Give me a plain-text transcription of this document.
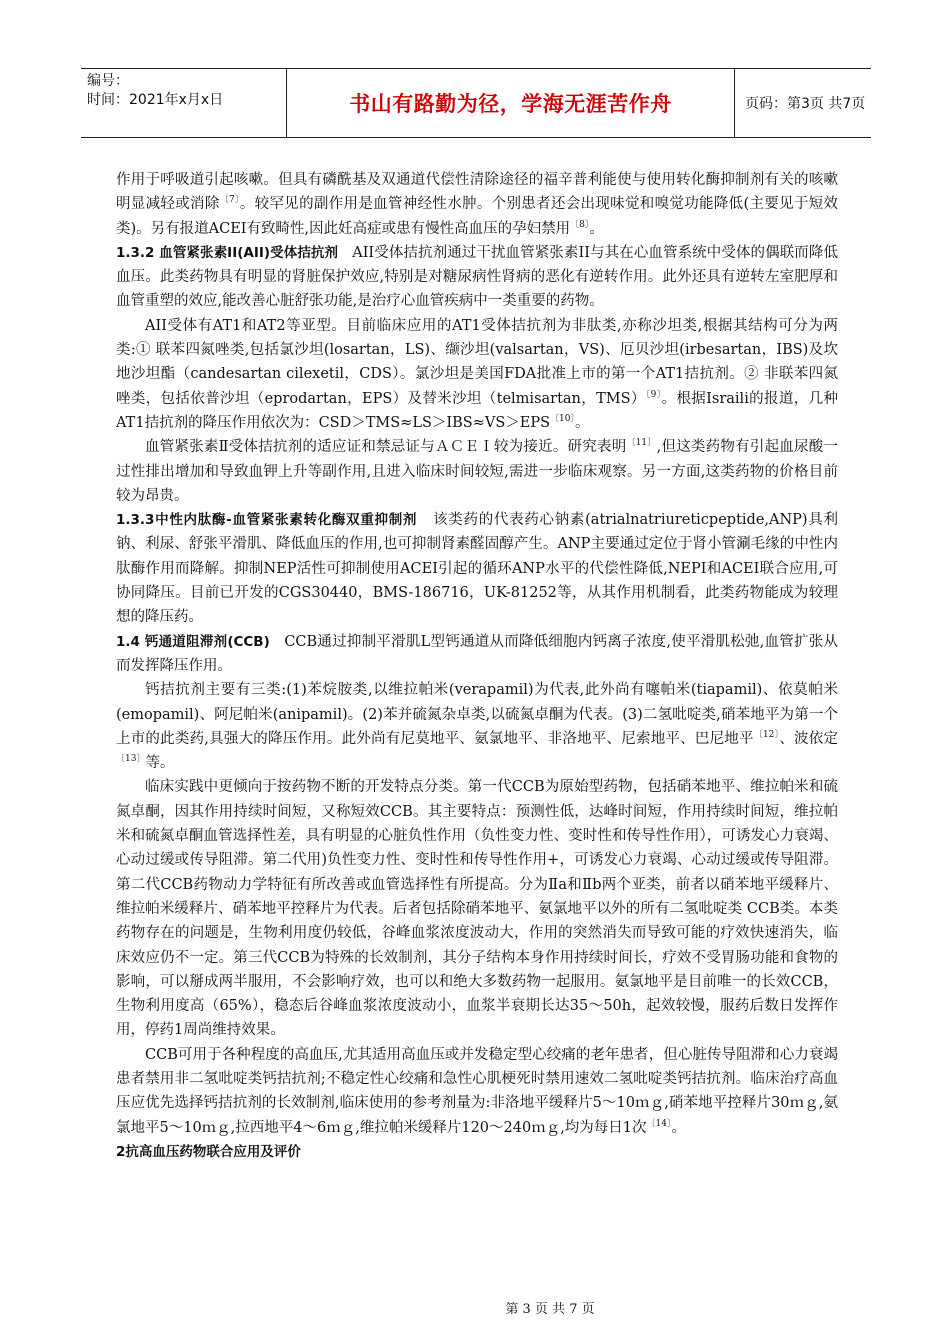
编号：
时间：2021年x月x日	书山有路勤为径，学海无涯苦作舟	页码：第3页 共7页

作用于呼吸道引起咳嗽。但具有磷酰基及双通道代偿性清除途径的福辛普利能使与使用转化酶抑制剂有关的咳嗽明显减轻或消除$^{〔7〕}$。较罕见的副作用是血管神经性水肿。个别患者还会出现味觉和嗅觉功能降低(主要见于短效类)。另有报道ACEI有致畸性,因此妊高症或患有慢性高血压的孕妇禁用$^{〔8〕}$。

1.3.2 血管紧张素II(AII)受体拮抗剂 AII受体拮抗剂通过干扰血管紧张素II与其在心血管系统中受体的偶联而降低血压。此类药物具有明显的肾脏保护效应,特别是对糖尿病性肾病的恶化有逆转作用。此外还具有逆转左室肥厚和血管重塑的效应,能改善心脏舒张功能,是治疗心血管疾病中一类重要的药物。

AII受体有AT1和AT2等亚型。目前临床应用的AT1受体拮抗剂为非肽类,亦称沙坦类,根据其结构可分为两类:① 联苯四氮唑类,包括氯沙坦(losartan，LS)、缬沙坦(valsartan，VS)、厄贝沙坦(irbesartan，IBS)及坎地沙坦酯（candesartan cilexetil，CDS）。氯沙坦是美国FDA批准上市的第一个AT1拮抗剂。② 非联苯四氮唑类，包括依普沙坦（eprodartan，EPS）及替米沙坦（telmisartan，TMS）$^{〔9〕}$。根据Israili的报道，几种AT1拮抗剂的降压作用依次为：CSD＞TMS≈LS＞IBS≈VS＞EPS$^{〔10〕}$。

血管紧张素Ⅱ受体拮抗剂的适应证和禁忌证与ＡＣＥＩ较为接近。研究表明$^{〔11〕}$,但这类药物有引起血尿酸一过性排出增加和导致血钾上升等副作用,且进入临床时间较短,需进一步临床观察。另一方面,这类药物的价格目前较为昂贵。

1.3.3中性内肽酶-血管紧张素转化酶双重抑制剂 该类药的代表药心钠素(atrialnatriureticpeptide,ANP)具利钠、利尿、舒张平滑肌、降低血压的作用,也可抑制肾素醛固醇产生。ANP主要通过定位于肾小管涮毛缘的中性内肽酶作用而降解。抑制NEP活性可抑制使用ACEI引起的循环ANP水平的代偿性降低,NEPI和ACEI联合应用,可协同降压。目前已开发的CGS30440，BMS-186716，UK-81252等，从其作用机制看，此类药物能成为较理想的降压药。

1.4 钙通道阻滞剂(CCB) CCB通过抑制平滑肌L型钙通道从而降低细胞内钙离子浓度,使平滑肌松弛,血管扩张从而发挥降压作用。

钙拮抗剂主要有三类:(1)苯烷胺类,以维拉帕米(verapamil)为代表,此外尚有噻帕米(tiapamil)、依莫帕米(emopamil)、阿尼帕米(anipamil)。(2)苯并硫氮杂卓类,以硫氮卓酮为代表。(3)二氢吡啶类,硝苯地平为第一个上市的此类药,具强大的降压作用。此外尚有尼莫地平、氨氯地平、非洛地平、尼索地平、巴尼地平$^{〔12〕}$、波依定$^{〔13〕}$等。

临床实践中更倾向于按药物不断的开发特点分类。第一代CCB为原始型药物，包括硝苯地平、维拉帕米和硫氮卓酮，因其作用持续时间短，又称短效CCB。其主要特点：预测性低，达峰时间短，作用持续时间短，维拉帕米和硫氮卓酮血管选择性差，具有明显的心脏负性作用（负性变力性、变时性和传导性作用），可诱发心力衰竭、心动过缓或传导阻滞。第二代用)负性变力性、变时性和传导性作用+，可诱发心力衰竭、心动过缓或传导阻滞。第二代CCB药物动力学特征有所改善或血管选择性有所提高。分为Ⅱa和Ⅱb两个亚类，前者以硝苯地平缓释片、维拉帕米缓释片、硝苯地平控释片为代表。后者包括除硝苯地平、氨氯地平以外的所有二氢吡啶类 CCB类。本类药物存在的问题是，生物利用度仍较低，谷峰血浆浓度波动大，作用的突然消失而导致可能的疗效快速消失，临床效应仍不一定。第三代CCB为特殊的长效制剂，其分子结构本身作用持续时间长，疗效不受胃肠功能和食物的影响，可以掰成两半服用，不会影响疗效，也可以和绝大多数药物一起服用。氨氯地平是目前唯一的长效CCB，生物利用度高（65%），稳态后谷峰血浆浓度波动小，血浆半衰期长达35～50h，起效较慢，服药后数日发挥作用，停药1周尚维持效果。

CCB可用于各种程度的高血压,尤其适用高血压或并发稳定型心绞痛的老年患者，但心脏传导阻滞和心力衰竭患者禁用非二氢吡啶类钙拮抗剂;不稳定性心绞痛和急性心肌梗死时禁用速效二氢吡啶类钙拮抗剂。临床治疗高血压应优先选择钙拮抗剂的长效制剂,临床使用的参考剂量为:非洛地平缓释片5～10ｍｇ,硝苯地平控释片30ｍｇ,氨氯地平5～10ｍｇ,拉西地平4～6ｍｇ,维拉帕米缓释片120～240ｍｇ,均为每日1次$^{〔14〕}$。

2抗高血压药物联合应用及评价

第 3 页 共 7 页
